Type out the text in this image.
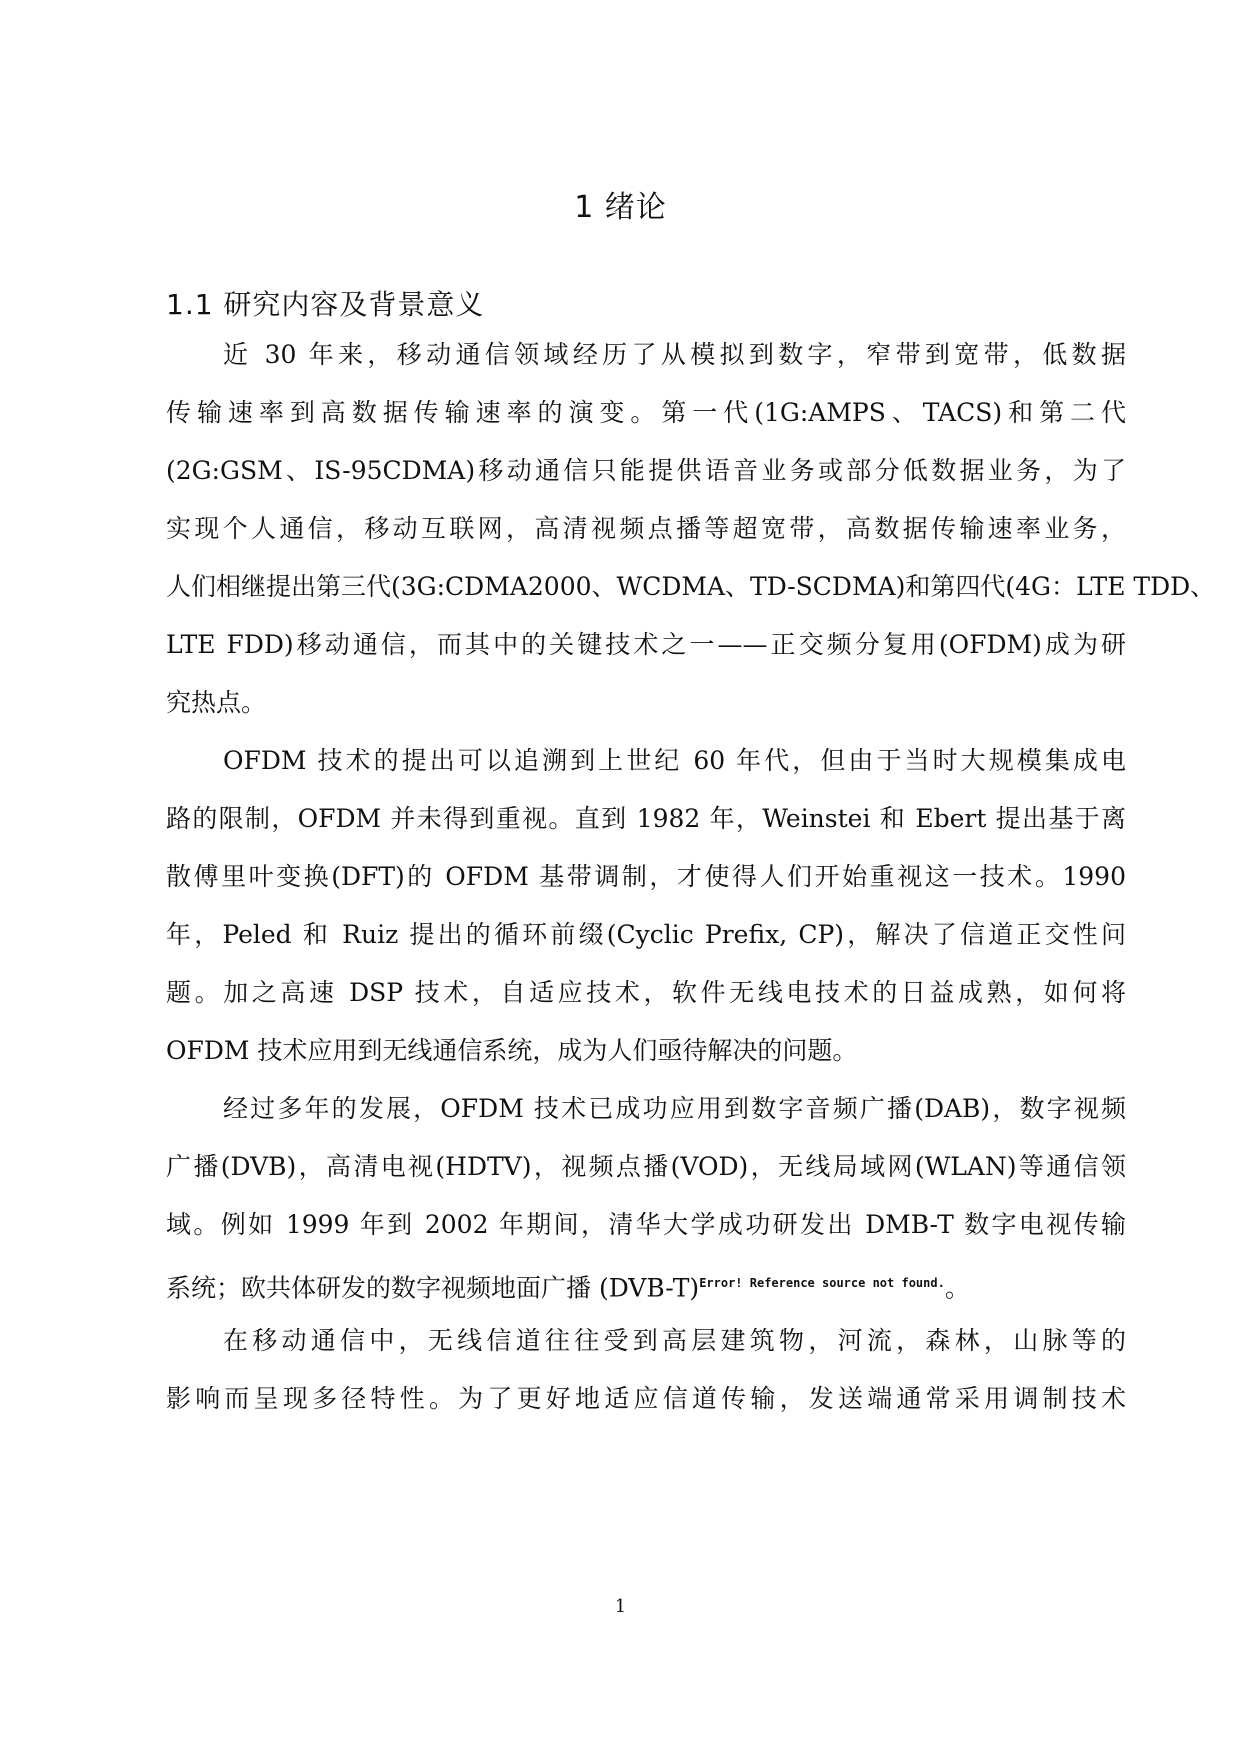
1 绪论
1.1 研究内容及背景意义
近 30 年来，移动通信领域经历了从模拟到数字，窄带到宽带，低数据
传输速率到高数据传输速率的演变。第一代(1G:AMPS、TACS)和第二代
(2G:GSM、IS-95CDMA)移动通信只能提供语音业务或部分低数据业务，为了
实现个人通信，移动互联网，高清视频点播等超宽带，高数据传输速率业务，
人们相继提出第三代(3G:CDMA2000、WCDMA、TD-SCDMA)和第四代(4G：LTE TDD、
LTE FDD)移动通信，而其中的关键技术之一——正交频分复用(OFDM)成为研
究热点。
OFDM 技术的提出可以追溯到上世纪 60 年代，但由于当时大规模集成电
路的限制，OFDM 并未得到重视。直到 1982 年，Weinstei 和 Ebert 提出基于离
散傅里叶变换(DFT)的 OFDM 基带调制，才使得人们开始重视这一技术。1990
年，Peled 和 Ruiz 提出的循环前缀(Cyclic Prefix, CP)，解决了信道正交性问
题。加之高速 DSP 技术，自适应技术，软件无线电技术的日益成熟，如何将
OFDM 技术应用到无线通信系统，成为人们亟待解决的问题。
经过多年的发展，OFDM 技术已成功应用到数字音频广播(DAB)，数字视频
广播(DVB)，高清电视(HDTV)，视频点播(VOD)，无线局域网(WLAN)等通信领
域。例如 1999 年到 2002 年期间，清华大学成功研发出 DMB-T 数字电视传输
系统；欧共体研发的数字视频地面广播 (DVB-T)$^{Error! Reference source not found.}$。
在移动通信中，无线信道往往受到高层建筑物，河流，森林，山脉等的
影响而呈现多径特性。为了更好地适应信道传输，发送端通常采用调制技术
1
